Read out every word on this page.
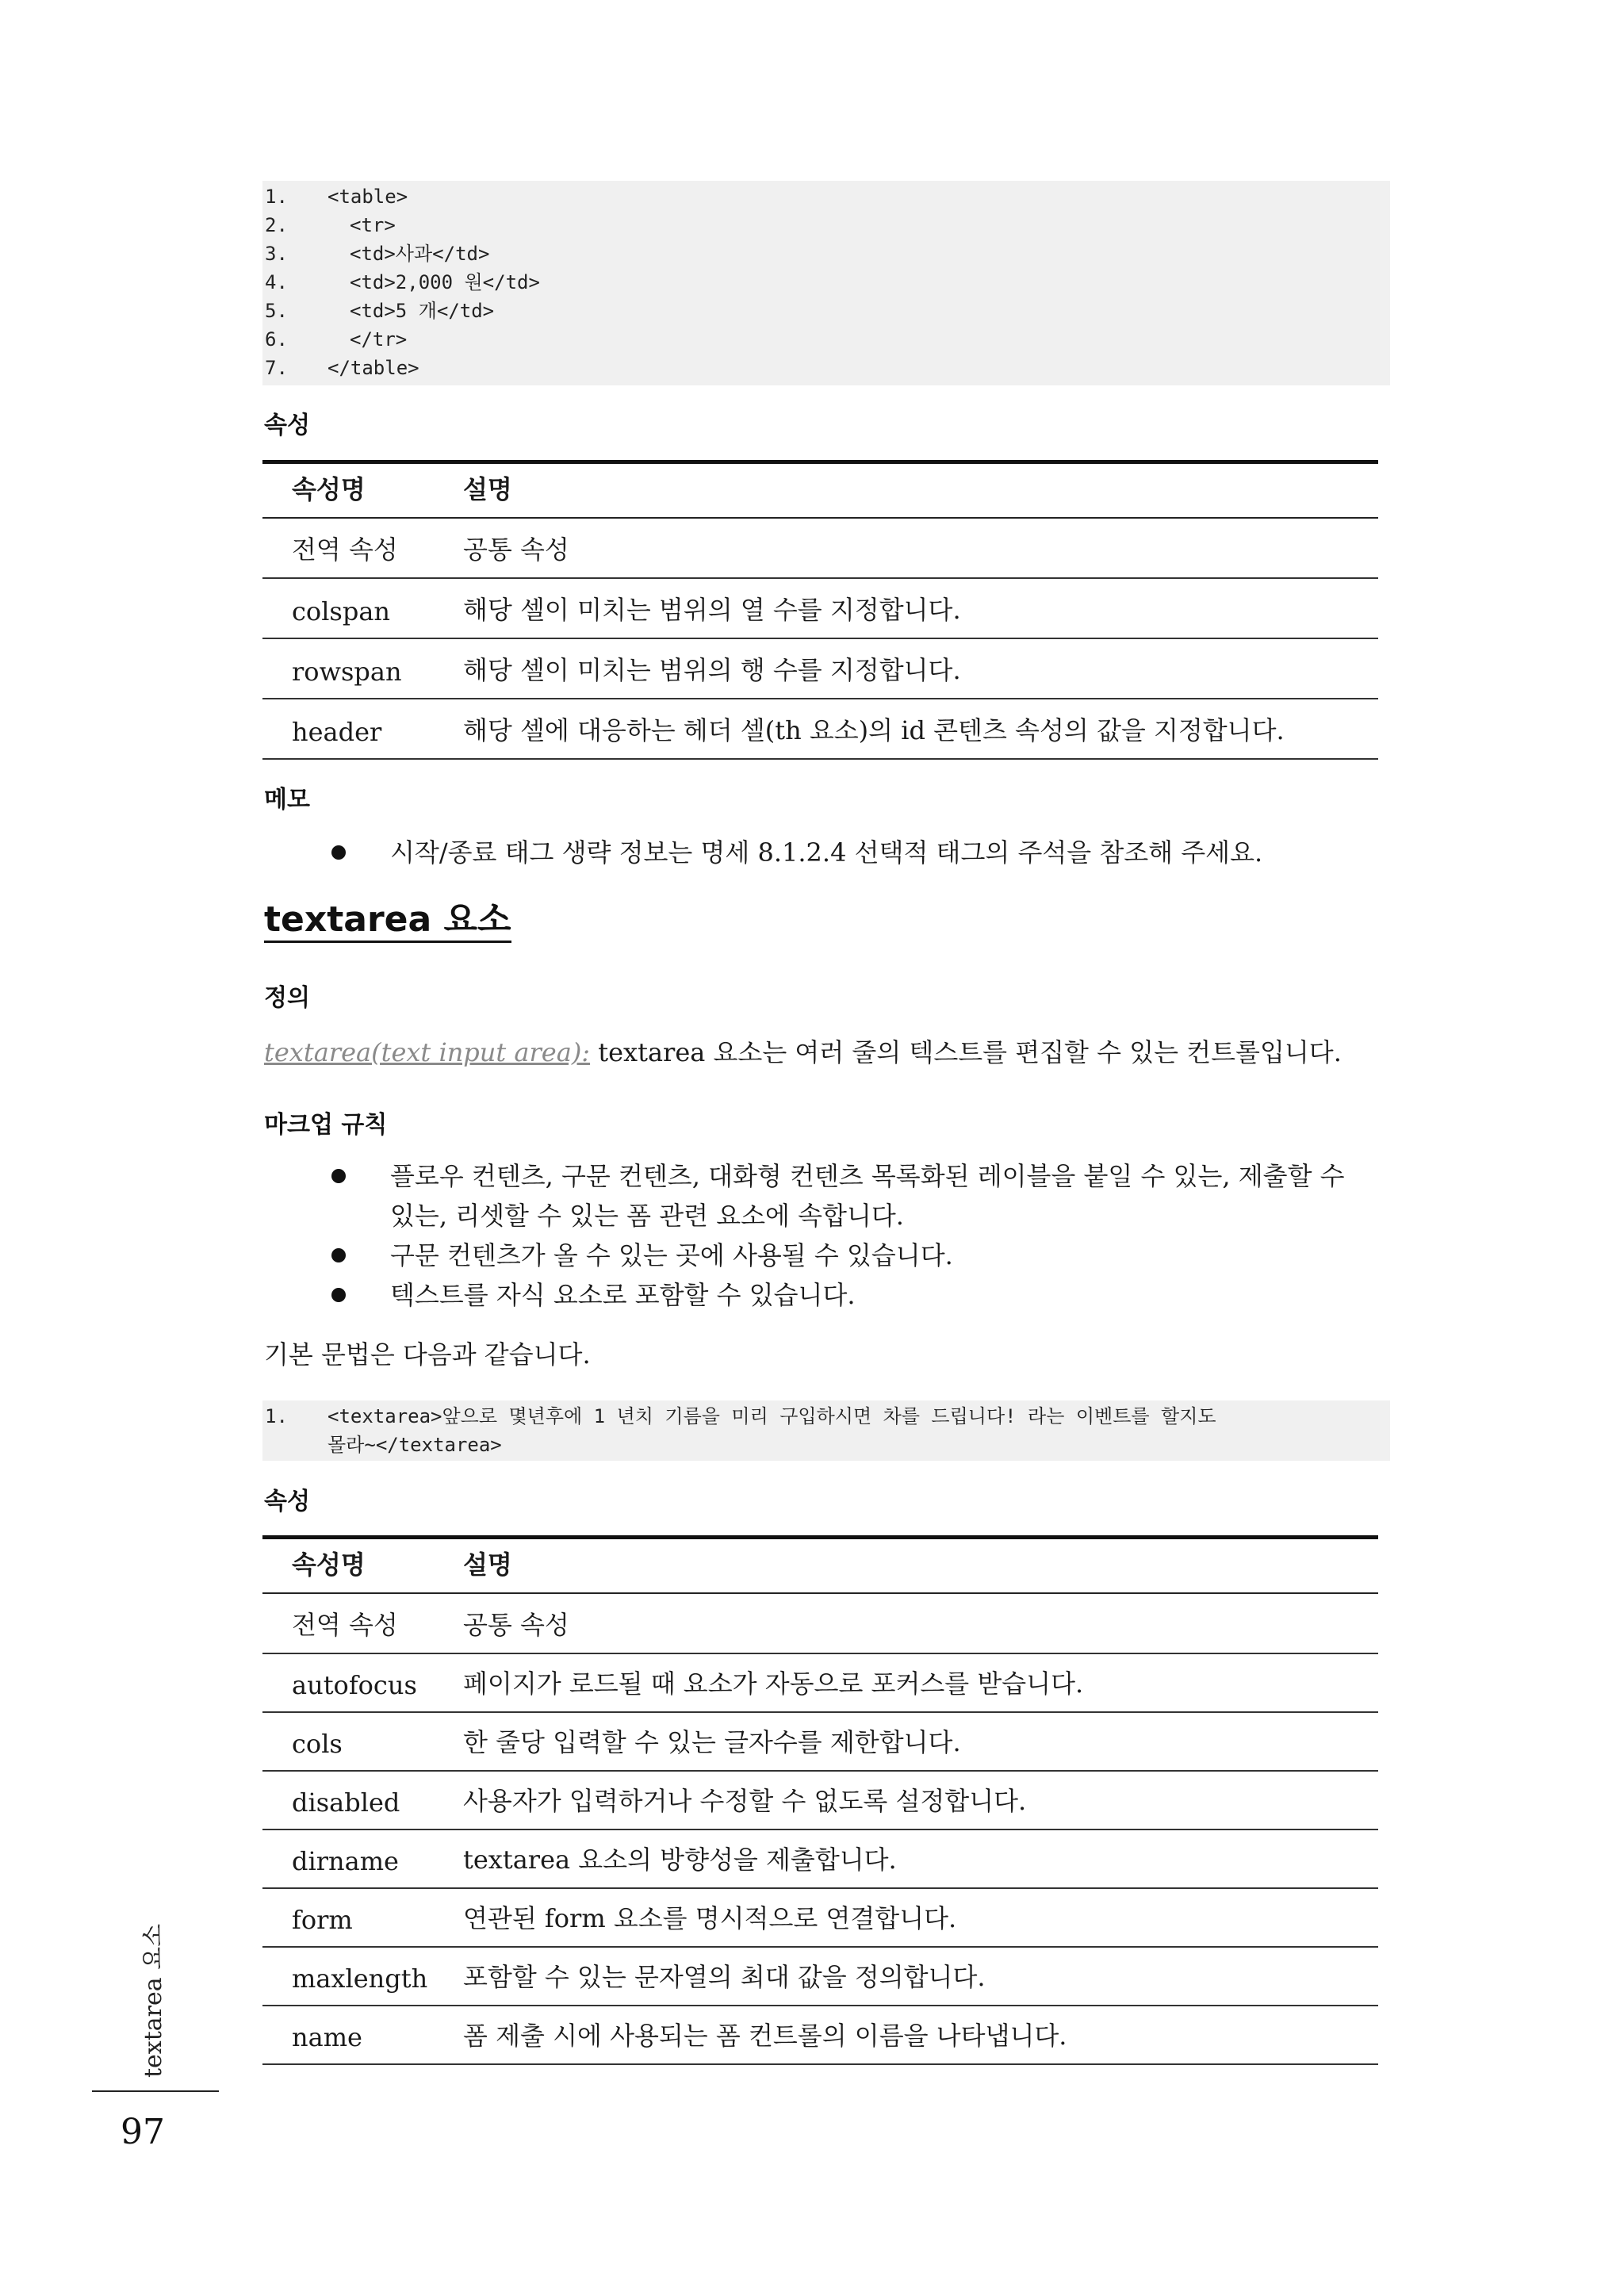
1.	<table>
2.	<tr>
3.	<td>사과</td>
4.	<td>2,000 원</td>
5.	<td>5 개</td>
6.	</tr>
7.	</table>
속성
속성명	설명
전역 속성	공통 속성
colspan	해당 셀이 미치는 범위의 열 수를 지정합니다.
rowspan 해당 셀이 미치는 범위의 행 수를 지정합니다.
header	해당 셀에 대응하는 헤더 셀(th 요소)의 id 콘텐츠 속성의 값을 지정합니다.
메모
시작/종료 태그 생략 정보는 명세 8.1.2.4 선택적 태그의 주석을 참조해 주세요.
textarea 요소
정의
textarea(text input area): textarea 요소는 여러 줄의 텍스트를 편집할 수 있는 컨트롤입니다.
마크업 규칙
플로우 컨텐츠, 구문 컨텐츠, 대화형 컨텐츠 목록화된 레이블을 붙일 수 있는, 제출할 수 있는, 리셋할 수 있는 폼 관련 요소에 속합니다.
구문 컨텐츠가 올 수 있는 곳에 사용될 수 있습니다.
텍스트를 자식 요소로 포함할 수 있습니다.
기본 문법은 다음과 같습니다.
1.	<textarea>앞으로 몇년후에 1 년치 기름을 미리 구입하시면 차를 드립니다! 라는 이벤트를 할지도
몰라~</textarea>
속성
속성명	설명
전역 속성	공통 속성
autofocus 페이지가 로드될 때 요소가 자동으로 포커스를 받습니다.
cols	한 줄당 입력할 수 있는 글자수를 제한합니다.
disabled 사용자가 입력하거나 수정할 수 없도록 설정합니다.
dirname	textarea 요소의 방향성을 제출합니다.
form	연관된 form 요소를 명시적으로 연결합니다.
maxlength 포함할 수 있는 문자열의 최대 값을 정의합니다.
name	폼 제출 시에 사용되는 폼 컨트롤의 이름을 나타냅니다.
textarea 요소
97
